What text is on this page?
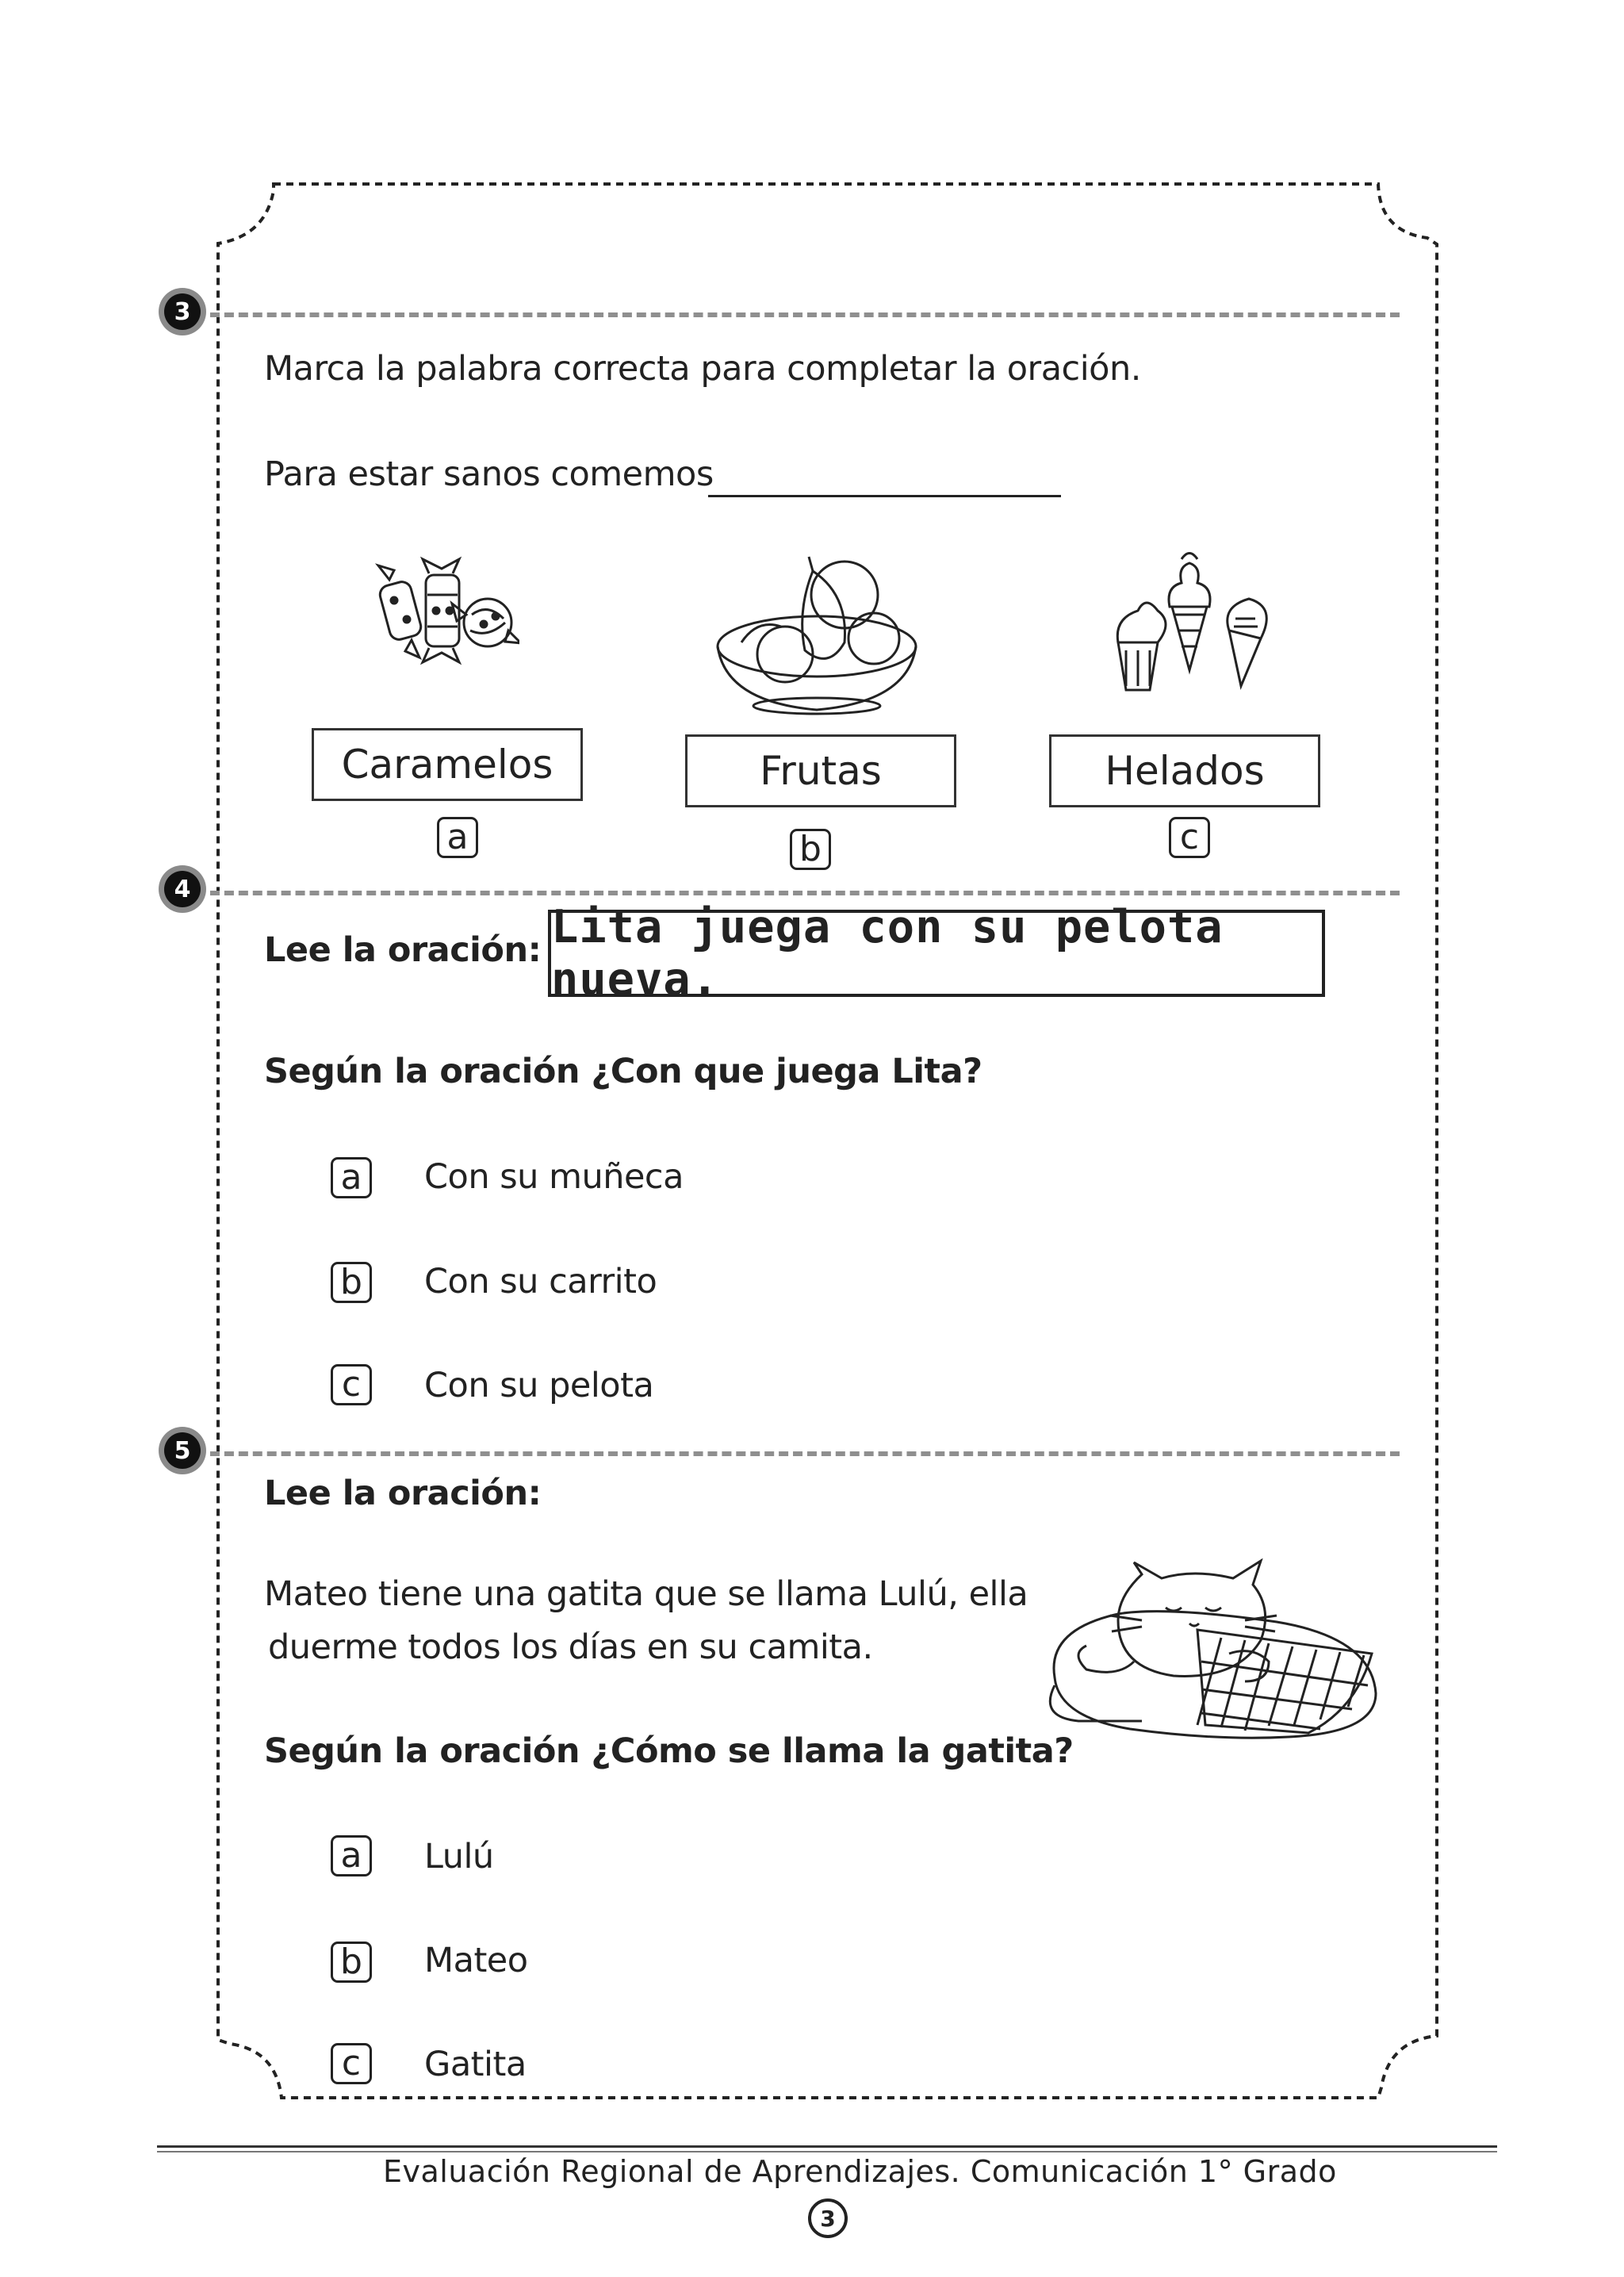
3
Marca la palabra correcta para completar la oración.
Para estar sanos comemos
Caramelos	Frutas	Helados
a	b	c
4
Lee la oración: Lita juega con su pelota nueva.
Según la oración ¿Con que juega Lita?
a Con su muñeca
b Con su carrito
c	Con su pelota
5
Lee la oración:
Mateo tiene una gatita que se llama Lulú, ella
duerme todos los días en su camita.
Según la oración ¿Cómo se llama la gatita?
a Lulú
b Mateo
c	Gatita
Evaluación Regional de Aprendizajes. Comunicación 1° Grado
3
